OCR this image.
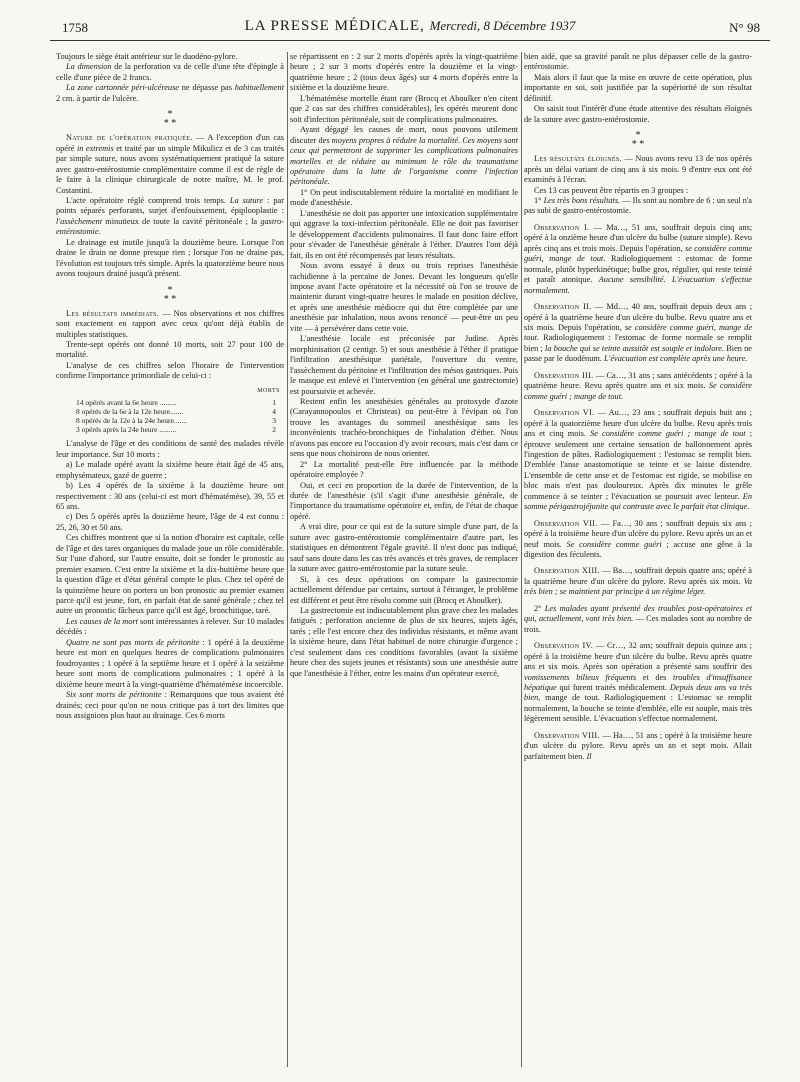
1758	LA PRESSE MÉDICALE, Mercredi, 8 Décembre 1937	N° 98

Toujours le siège était antérieur sur le duodéno-pylore.

La dimension de la perforation va de celle d'une tête d'épingle à celle d'une pièce de 2 francs.

La zone cartonnée péri-ulcéreuse ne dépasse pas habituellement 2 cm. à partir de l'ulcère.

*
* *

Nature de l'opération pratiquée. — A l'exception d'un cas opéré in extremis et traité par un simple Mikulicz et de 3 cas traités par simple suture, nous avons systématiquement pratiqué la suture avec gastro-entérostomie complémentaire comme il est de règle de le faire à la clinique chirurgicale de notre maître, M. le prof. Costantini.

L'acte opératoire réglé comprend trois temps. La suture : par points séparés perforants, surjet d'enfouissement, épiplooplastie : l'assèchement minutieux de toute la cavité péritonéale ; la gastro-entérostomie.

Le drainage est inutile jusqu'à la douzième heure. Lorsque l'on draine le drain ne donne presque rien ; lorsque l'on ne draine pas, l'évolution est toujours très simple. Après la quatorzième heure nous avons toujours drainé jusqu'à présent.

*
* *

Les résultats immédiats. — Nos observations et nos chiffres sont exactement en rapport avec ceux qu'ont déjà établis de multiples statistiques.

Trente-sept opérés ont donné 10 morts, soit 27 pour 100 de mortalité.

L'analyse de ces chiffres selon l'horaire de l'intervention confirme l'importance primordiale de celui-ci :

MORTS
14 opérés avant la 6e heure .........	1
8 opérés de la 6e à la 12e heure.......	4
8 opérés de la 12e à la 24e heure.......	3
3 opérés après la 24e heure .........	2

L'analyse de l'âge et des conditions de santé des malades révèle leur importance. Sur 10 morts :

a) Le malade opéré avant la sixième heure était âgé de 45 ans, emphysémateux, gazé de guerre ;

b) Les 4 opérés de la sixième à la douzième heure ont respectivement : 30 ans (celui-ci est mort d'hématémèse), 39, 55 et 65 ans.

c) Des 5 opérés après la douzième heure, l'âge de 4 est connu : 25, 26, 30 et 50 ans.

Ces chiffres montrent que si la notion d'horaire est capitale, celle de l'âge et des tares organiques du malade joue un rôle considérable. Sur l'une d'abord, sur l'autre ensuite, doit se fonder le pronostic au premier examen. C'est entre la sixième et la dix-huitième heure que la question d'âge et d'état général compte le plus. Chez tel opéré de la quinzième heure on portera un bon pronostic au premier examen parce qu'il est jeune, fort, en parfait état de santé générale ; chez tel autre un pronostic fâcheux parce qu'il est âgé, bronchitique, taré.

Les causes de la mort sont intéressantes à relever. Sur 10 malades décédés :

Quatre ne sont pas morts de péritonite : 1 opéré à la deuxième heure est mort en quelques heures de complications pulmonaires foudroyantes ; 1 opéré à la septième heure et 1 opéré à la seizième heure sont morts de complications pulmonaires ; 1 opéré à la dixième heure meurt à la vingt-quatrième d'hématémèse incoercible.

Six sont morts de péritonite : Remarquons que tous avaient été drainés; ceci pour qu'on ne nous critique pas à tort des limites que nous assignions plus haut au drainage. Ces 6 morts

se répartissent en : 2 sur 2 morts d'opérés après la vingt-quatrième heure ; 2 sur 3 morts d'opérés entre la douzième et la vingt-quatrième heure ; 2 (tous deux âgés) sur 4 morts d'opérés entre la sixième et la douzième heure.

L'hématémèse mortelle étant rare (Brocq et Aboulker n'en citent que 2 cas sur des chiffres considérables), les opérés meurent donc soit d'infection péritonéale, soit de complications pulmonaires.

Ayant dégagé les causes de mort, nous pouvons utilement discuter des moyens propres à réduire la mortalité. Ces moyens sont ceux qui permettront de supprimer les complications pulmonaires mortelles et de réduire au minimum le rôle du traumatisme opératoire dans la lutte de l'organisme contre l'infection péritonéale.

1° On peut indiscutablement réduire la mortalité en modifiant le mode d'anesthésie.

L'anesthésie ne doit pas apporter une intoxication supplémentaire qui aggrave la toxi-infection péritonéale. Elle ne doit pas favoriser le développement d'accidents pulmonaires. Il faut donc faire effort pour s'évader de l'anesthésie générale à l'éther. D'autres l'ont déjà fait, ils en ont été récompensés par leurs résultats.

Nous avons essayé à deux ou trois reprises l'anesthésie rachidienne à la percaïne de Jones. Devant les longueurs qu'elle impose avant l'acte opératoire et la nécessité où l'on se trouve de maintenir durant vingt-quatre heures le malade en position déclive, et après une anesthésie médiocre qui dut être complétée par une anesthésie par inhalation, nous avons renoncé — peut-être un peu vite — à persévérer dans cette voie.

L'anesthésie locale est préconisée par Judine. Après morphinisation (2 centigr. 5) et sous anesthésie à l'éther il pratique l'infiltration anesthésique pariétale, l'ouverture du ventre, l'assèchement du péritoine et l'infiltration des mésos gastriques. Puis le masque est enlevé et l'intervention (en général une gastrectomie) est poursuivie et achevée.

Restent enfin les anesthésies générales au protoxyde d'azote (Carayannopoulos et Christeas) ou peut-être à l'évipan où l'on trouve les avantages du sommeil anesthésique sans les inconvénients trachéo-bronchiques de l'inhalation d'éther. Nous n'avons pas encore eu l'occasion d'y avoir recours, mais c'est dans ce sens que nous choisirons de nous orienter.

2° La mortalité peut-elle être influencée par la méthode opératoire employée ?

Oui, et ceci en proportion de la durée de l'intervention, de la durée de l'anesthésie (s'il s'agit d'une anesthésie générale, de l'importance du traumatisme opératoire et, enfin, de l'état de chaque opéré.

A vrai dire, pour ce qui est de la suture simple d'une part, de la suture avec gastro-entérostomie complémentaire d'autre part, les statistiques en démontrent l'égale gravité. Il n'est donc pas indiqué, sauf sans doute dans les cas très avancés et très graves, de remplacer la suture avec gastro-entérostomie par la suture seule.

Si, à ces deux opérations on compare la gastrectomie actuellement défendue par certains, surtout à l'étranger, le problème est différent et peut être résolu comme suit (Brocq et Aboulker).

La gastrectomie est indiscutablement plus grave chez les malades fatigués ; perforation ancienne de plus de six heures, sujets âgés, tarés ; elle l'est encore chez des individus résistants, et même avant la sixième heure, dans l'état habituel de notre chirurgie d'urgence ; c'est seulement dans ces conditions favorables (avant la sixième heure chez des sujets jeunes et résistants) sous une anesthésie autre que l'anesthésie à l'éther, entre les mains d'un opérateur exercé,

bien aidé, que sa gravité paraît ne plus dépasser celle de la gastro-entérostomie.

Mais alors il faut que la mise en œuvre de cette opération, plus importante en soi, soit justifiée par la supériorité de son résultat définitif.

On saisit tout l'intérêt d'une étude attentive des résultats éloignés de la suture avec gastro-entérostomie.

*
* *

Les résultats éloignés. — Nous avons revu 13 de nos opérés après un délai variant de cinq ans à six mois. 9 d'entre eux ont été examinés à l'écran.

Ces 13 cas peuvent être répartis en 3 groupes :

1° Les très bons résultats. — Ils sont au nombre de 6 : un seul n'a pas subi de gastro-entérostomie.

Observation I. — Ma…, 51 ans, souffrait depuis cinq ans; opéré à la onzième heure d'un ulcère du bulbe (suture simple). Revu après cinq ans et trois mois. Depuis l'opération, se considère comme guéri, mange de tout. Radiologiquement : estomac de forme normale, plutôt hyperkinétique; bulbe gros, régulier, qui reste teinté et paraît atonique. Aucune sensibilité. L'évacuation s'effectue normalement.

Observation II. — Md…, 40 ans, souffrait depuis deux ans ; opéré à la quatrième heure d'un ulcère du bulbe. Revu quatre ans et six mois. Depuis l'opération, se considère comme guéri, mange de tout. Radiologiquement : l'estomac de forme normale se remplit bien ; la bouche qui se teinte aussitôt est souple et indolore. Bien ne passe par le duodénum. L'évacuation est complète après une heure.

Observation III. — Ca…, 31 ans ; sans antécédents ; opéré à la quatrième heure. Revu après quatre ans et six mois. Se considère comme guéri ; mange de tout.

Observation VI. — Au…, 23 ans ; souffrait depuis huit ans ; opéré à la quatorzième heure d'un ulcère du bulbe. Revu après trois ans et cinq mois. Se considère comme guéri ; mange de tout ; éprouve seulement une certaine sensation de ballonnement après l'ingestion de pâtes. Radiologiquement : l'estomac se remplit bien. D'emblée l'anse anastomotique se teinte et se laisse distendre. L'ensemble de cette anse et de l'estomac est rigide, se mobilise en bloc mais n'est pas douloureux. Après dix minutes le grêle commence à se teinter ; l'évacuation se poursuit avec lenteur. En somme périgastrojéjunite qui contraste avec le parfait état clinique.

Observation VII. — Fa…, 30 ans ; souffrait depuis six ans ; opéré à la troisième heure d'un ulcère du pylore. Revu après un an et neuf mois. Se considère comme guéri ; accuse une gêne à la digestion des féculents.

Observation XIII. — Ba…, souffrait depuis quatre ans; opéré à la quatrième heure d'un ulcère du pylore. Revu après six mois. Va très bien ; se maintient par principe à un régime léger.

2° Les malades ayant présenté des troubles post-opératoires et qui, actuellement, vont très bien. — Ces malades sont au nombre de trois.

Observation IV. — Cr…, 32 ans; souffrait depuis quinze ans ; opéré à la troisième heure d'un ulcère du bulbe. Revu après quatre ans et six mois. Après son opération a présenté sans souffrir des vomissements bilieux fréquents et des troubles d'insuffisance hépatique qui furent traités médicalement. Depuis deux ans va très bien, mange de tout. Radiologiquement : L'estomac se remplit normalement, la bouche se teinte d'emblée, elle est souple, mais très légèrement sensible. L'évacuation s'effectue normalement.

Observation VIII. — Ha…, 51 ans ; opéré à la troisième heure d'un ulcère du pylore. Revu après un an et sept mois. Allait parfaitement bien. Il
